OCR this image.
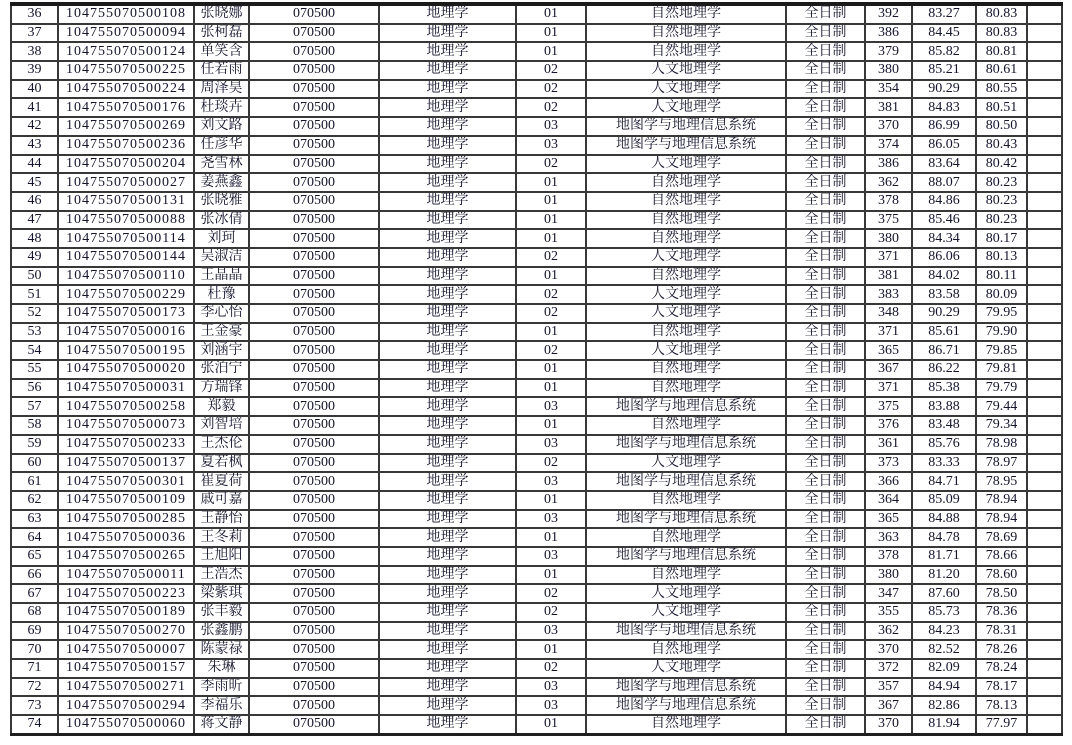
36	104755070500108	张晓娜	070500	地理学	01	自然地理学	全日制	392	83.27	80.83	
37	104755070500094	张柯磊	070500	地理学	01	自然地理学	全日制	386	84.45	80.83	
38	104755070500124	单笑含	070500	地理学	01	自然地理学	全日制	379	85.82	80.81	
39	104755070500225	任若雨	070500	地理学	02	人文地理学	全日制	380	85.21	80.61	
40	104755070500224	周泽昊	070500	地理学	02	人文地理学	全日制	354	90.29	80.55	
41	104755070500176	杜琰卉	070500	地理学	02	人文地理学	全日制	381	84.83	80.51	
42	104755070500269	刘文路	070500	地理学	03	地图学与地理信息系统	全日制	370	86.99	80.50	
43	104755070500236	任彦华	070500	地理学	03	地图学与地理信息系统	全日制	374	86.05	80.43	
44	104755070500204	尧雪林	070500	地理学	02	人文地理学	全日制	386	83.64	80.42	
45	104755070500027	姜燕鑫	070500	地理学	01	自然地理学	全日制	362	88.07	80.23	
46	104755070500131	张晓雅	070500	地理学	01	自然地理学	全日制	378	84.86	80.23	
47	104755070500088	张冰倩	070500	地理学	01	自然地理学	全日制	375	85.46	80.23	
48	104755070500114	刘珂	070500	地理学	01	自然地理学	全日制	380	84.34	80.17	
49	104755070500144	吴淑洁	070500	地理学	02	人文地理学	全日制	371	86.06	80.13	
50	104755070500110	王晶晶	070500	地理学	01	自然地理学	全日制	381	84.02	80.11	
51	104755070500229	杜豫	070500	地理学	02	人文地理学	全日制	383	83.58	80.09	
52	104755070500173	李心怡	070500	地理学	02	人文地理学	全日制	348	90.29	79.95	
53	104755070500016	王金豪	070500	地理学	01	自然地理学	全日制	371	85.61	79.90	
54	104755070500195	刘涵宇	070500	地理学	02	人文地理学	全日制	365	86.71	79.85	
55	104755070500020	张泊宁	070500	地理学	01	自然地理学	全日制	367	86.22	79.81	
56	104755070500031	方瑞锋	070500	地理学	01	自然地理学	全日制	371	85.38	79.79	
57	104755070500258	郑毅	070500	地理学	03	地图学与地理信息系统	全日制	375	83.88	79.44	
58	104755070500073	刘智培	070500	地理学	01	自然地理学	全日制	376	83.48	79.34	
59	104755070500233	王杰伦	070500	地理学	03	地图学与地理信息系统	全日制	361	85.76	78.98	
60	104755070500137	夏若枫	070500	地理学	02	人文地理学	全日制	373	83.33	78.97	
61	104755070500301	崔夏荷	070500	地理学	03	地图学与地理信息系统	全日制	366	84.71	78.95	
62	104755070500109	戚可嘉	070500	地理学	01	自然地理学	全日制	364	85.09	78.94	
63	104755070500285	王静怡	070500	地理学	03	地图学与地理信息系统	全日制	365	84.88	78.94	
64	104755070500036	王冬莉	070500	地理学	01	自然地理学	全日制	363	84.78	78.69	
65	104755070500265	王旭阳	070500	地理学	03	地图学与地理信息系统	全日制	378	81.71	78.66	
66	104755070500011	王浩杰	070500	地理学	01	自然地理学	全日制	380	81.20	78.60	
67	104755070500223	梁紫琪	070500	地理学	02	人文地理学	全日制	347	87.60	78.50	
68	104755070500189	张丰毅	070500	地理学	02	人文地理学	全日制	355	85.73	78.36	
69	104755070500270	张鑫鹏	070500	地理学	03	地图学与地理信息系统	全日制	362	84.23	78.31	
70	104755070500007	陈蒙禄	070500	地理学	01	自然地理学	全日制	370	82.52	78.26	
71	104755070500157	朱琳	070500	地理学	02	人文地理学	全日制	372	82.09	78.24	
72	104755070500271	李雨昕	070500	地理学	03	地图学与地理信息系统	全日制	357	84.94	78.17	
73	104755070500294	李福乐	070500	地理学	03	地图学与地理信息系统	全日制	367	82.86	78.13	
74	104755070500060	蒋文静	070500	地理学	01	自然地理学	全日制	370	81.94	77.97	
